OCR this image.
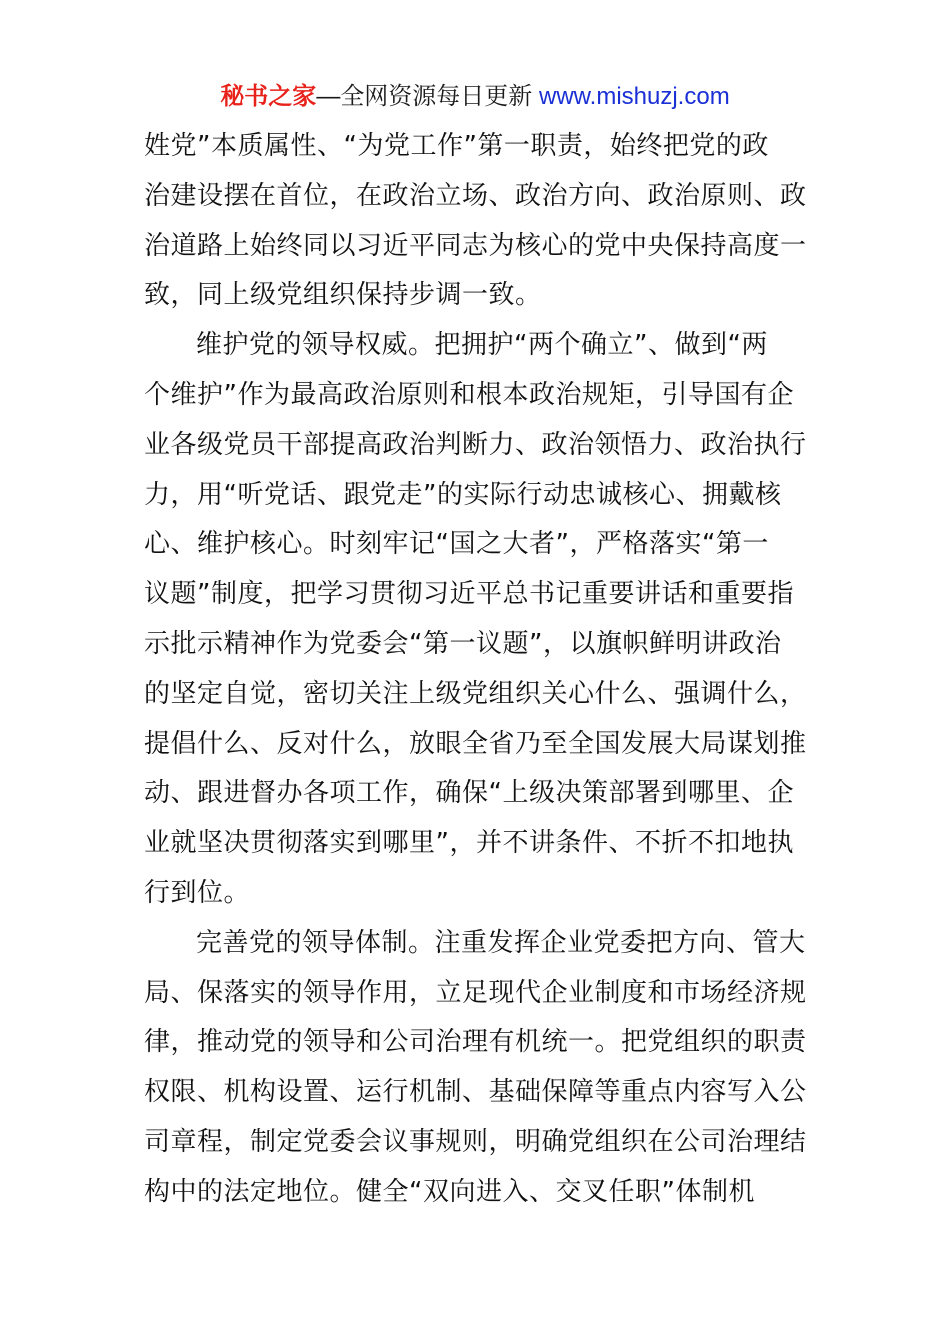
秘书之家—全网资源每日更新 www.mishuzj.com
姓党”本质属性、“为党工作”第一职责，始终把党的政
治建设摆在首位，在政治立场、政治方向、政治原则、政
治道路上始终同以习近平同志为核心的党中央保持高度一
致，同上级党组织保持步调一致。
维护党的领导权威。把拥护“两个确立”、做到“两
个维护”作为最高政治原则和根本政治规矩，引导国有企
业各级党员干部提高政治判断力、政治领悟力、政治执行
力，用“听党话、跟党走”的实际行动忠诚核心、拥戴核
心、维护核心。时刻牢记“国之大者”，严格落实“第一
议题”制度，把学习贯彻习近平总书记重要讲话和重要指
示批示精神作为党委会“第一议题”，以旗帜鲜明讲政治
的坚定自觉，密切关注上级党组织关心什么、强调什么，
提倡什么、反对什么，放眼全省乃至全国发展大局谋划推
动、跟进督办各项工作，确保“上级决策部署到哪里、企
业就坚决贯彻落实到哪里”，并不讲条件、不折不扣地执
行到位。
完善党的领导体制。注重发挥企业党委把方向、管大
局、保落实的领导作用，立足现代企业制度和市场经济规
律，推动党的领导和公司治理有机统一。把党组织的职责
权限、机构设置、运行机制、基础保障等重点内容写入公
司章程，制定党委会议事规则，明确党组织在公司治理结
构中的法定地位。健全“双向进入、交叉任职”体制机
